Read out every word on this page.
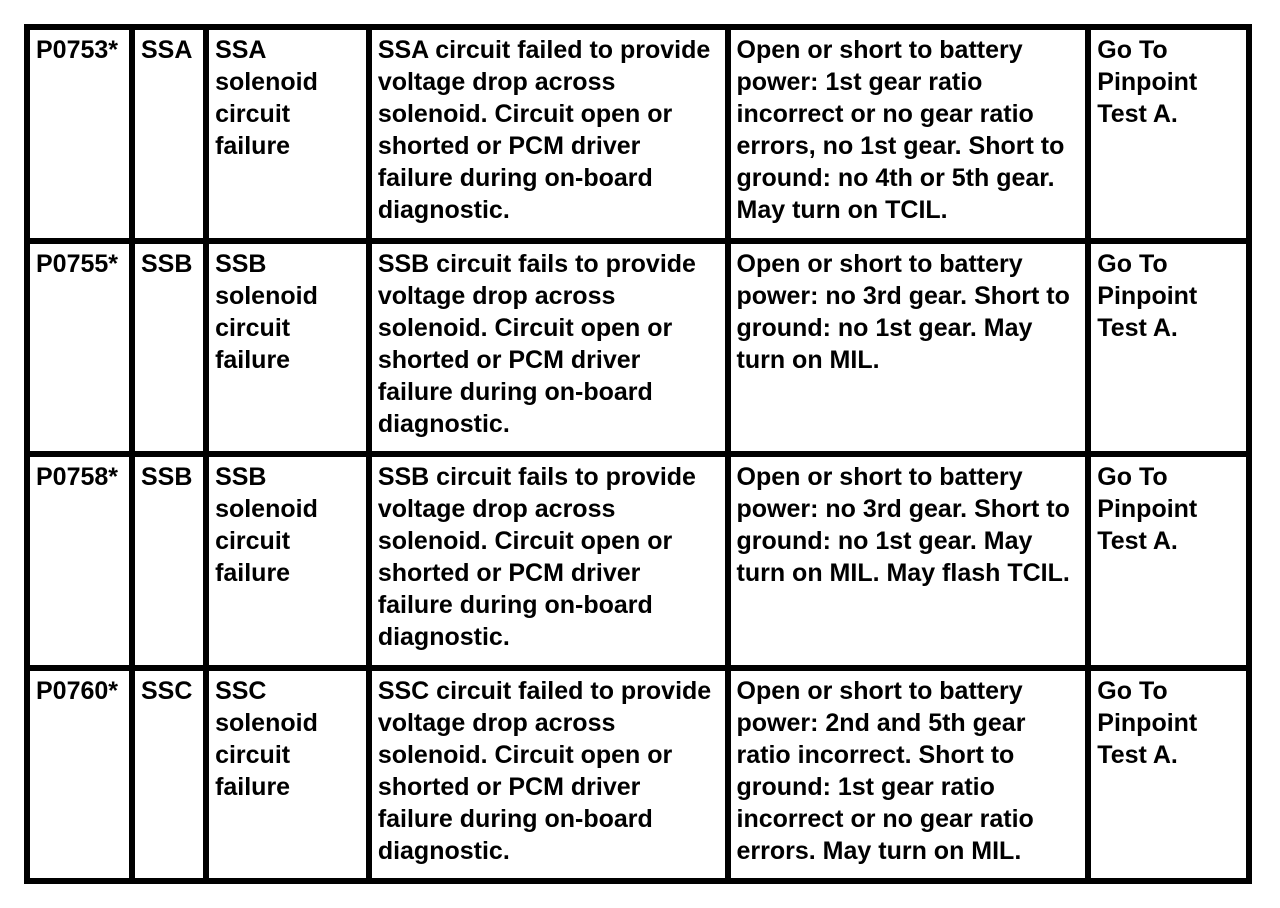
P0753*	SSA	SSA solenoid circuit failure	SSA circuit failed to provide voltage drop across solenoid. Circuit open or shorted or PCM driver failure during on-board diagnostic.	Open or short to battery power: 1st gear ratio incorrect or no gear ratio errors, no 1st gear. Short to ground: no 4th or 5th gear. May turn on TCIL.	Go To Pinpoint Test A.
P0755*	SSB	SSB solenoid circuit failure	SSB circuit fails to provide voltage drop across solenoid. Circuit open or shorted or PCM driver failure during on-board diagnostic.	Open or short to battery power: no 3rd gear. Short to ground: no 1st gear. May turn on MIL.	Go To Pinpoint Test A.
P0758*	SSB	SSB solenoid circuit failure	SSB circuit fails to provide voltage drop across solenoid. Circuit open or shorted or PCM driver failure during on-board diagnostic.	Open or short to battery power: no 3rd gear. Short to ground: no 1st gear. May turn on MIL. May flash TCIL.	Go To Pinpoint Test A.
P0760*	SSC	SSC solenoid circuit failure	SSC circuit failed to provide voltage drop across solenoid. Circuit open or shorted or PCM driver failure during on-board diagnostic.	Open or short to battery power: 2nd and 5th gear ratio incorrect. Short to ground: 1st gear ratio incorrect or no gear ratio errors. May turn on MIL.	Go To Pinpoint Test A.
